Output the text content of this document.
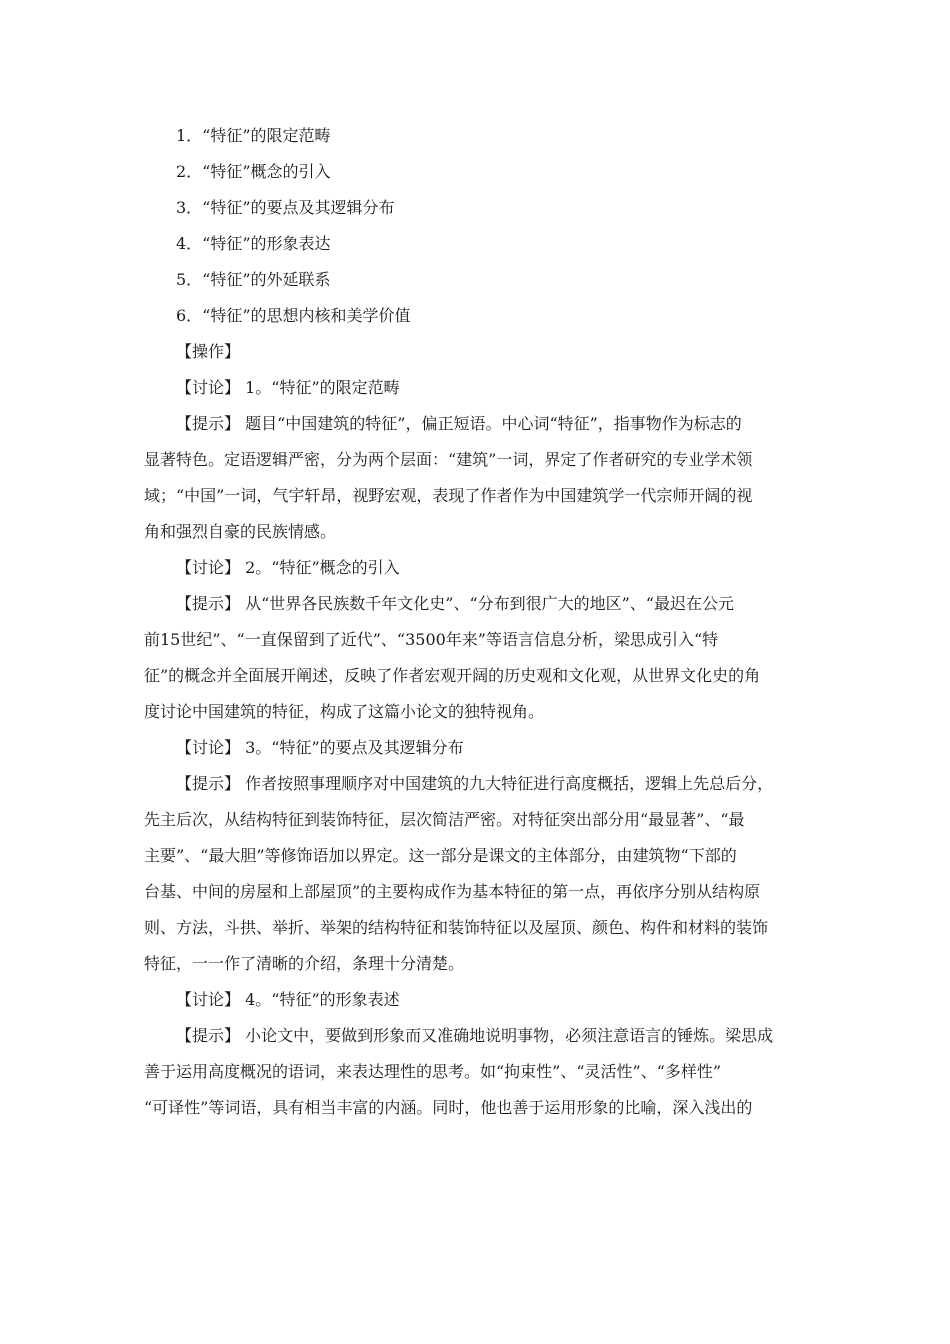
1．“特征”的限定范畴
2．“特征”概念的引入
3．“特征”的要点及其逻辑分布
4．“特征”的形象表达
5．“特征”的外延联系
6．“特征”的思想内核和美学价值
【操作】
【讨论】 1。“特征”的限定范畴
【提示】 题目“中国建筑的特征”，偏正短语。中心词“特征”，指事物作为标志的
显著特色。定语逻辑严密，分为两个层面：“建筑”一词，界定了作者研究的专业学术领
域；“中国”一词，气宇轩昂，视野宏观，表现了作者作为中国建筑学一代宗师开阔的视
角和强烈自豪的民族情感。
【讨论】 2。“特征”概念的引入
【提示】 从“世界各民族数千年文化史”、“分布到很广大的地区”、“最迟在公元
前15世纪”、“一直保留到了近代”、“3500年来”等语言信息分析，梁思成引入“特
征”的概念并全面展开阐述，反映了作者宏观开阔的历史观和文化观，从世界文化史的角
度讨论中国建筑的特征，构成了这篇小论文的独特视角。
【讨论】 3。“特征”的要点及其逻辑分布
【提示】 作者按照事理顺序对中国建筑的九大特征进行高度概括，逻辑上先总后分，
先主后次，从结构特征到装饰特征，层次简洁严密。对特征突出部分用“最显著”、“最
主要”、“最大胆”等修饰语加以界定。这一部分是课文的主体部分，由建筑物“下部的
台基、中间的房屋和上部屋顶”的主要构成作为基本特征的第一点，再依序分别从结构原
则、方法，斗拱、举折、举架的结构特征和装饰特征以及屋顶、颜色、构件和材料的装饰
特征，一一作了清晰的介绍，条理十分清楚。
【讨论】 4。“特征”的形象表述
【提示】 小论文中，要做到形象而又准确地说明事物，必须注意语言的锤炼。梁思成
善于运用高度概况的语词，来表达理性的思考。如“拘束性”、“灵活性”、“多样性”
“可译性”等词语，具有相当丰富的内涵。同时，他也善于运用形象的比喻，深入浅出的
